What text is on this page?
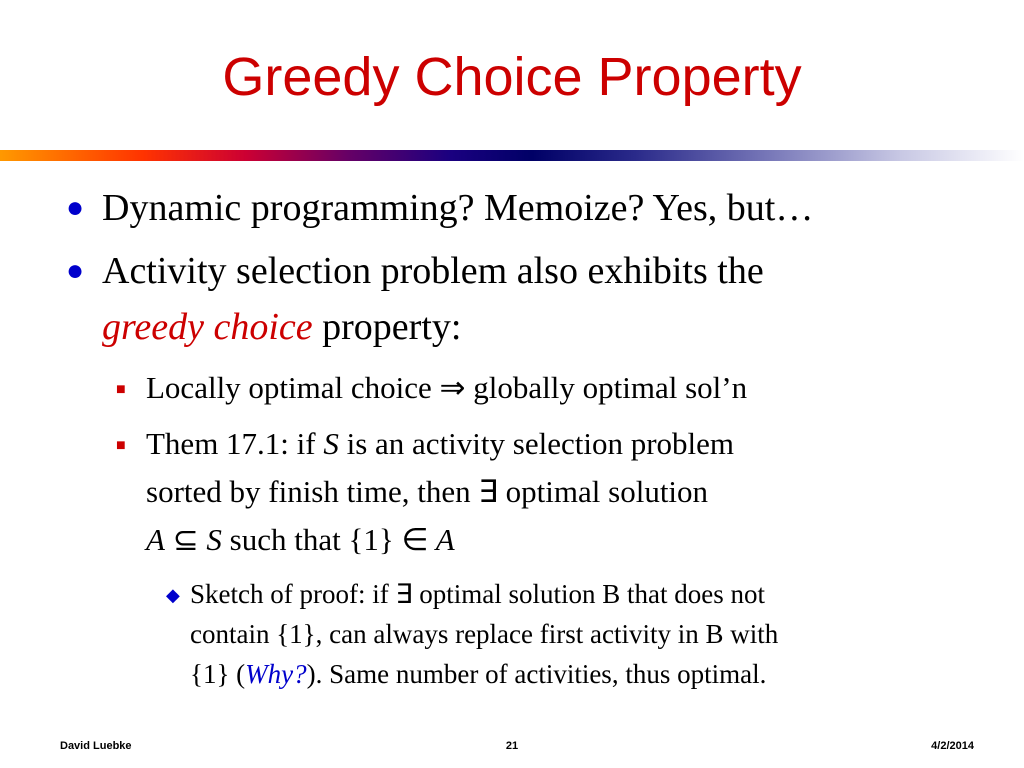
Greedy Choice Property
● Dynamic programming? Memoize? Yes, but…
● Activity selection problem also exhibits the
greedy choice property:
■ Locally optimal choice ⇒ globally optimal sol’n
■ Them 17.1: if S is an activity selection problem
sorted by finish time, then ∃ optimal solution
A ⊆ S such that {1} ∈ A
◆ Sketch of proof: if ∃ optimal solution B that does not
contain {1}, can always replace first activity in B with
{1} (Why?). Same number of activities, thus optimal.
David Luebke	21	4/2/2014
